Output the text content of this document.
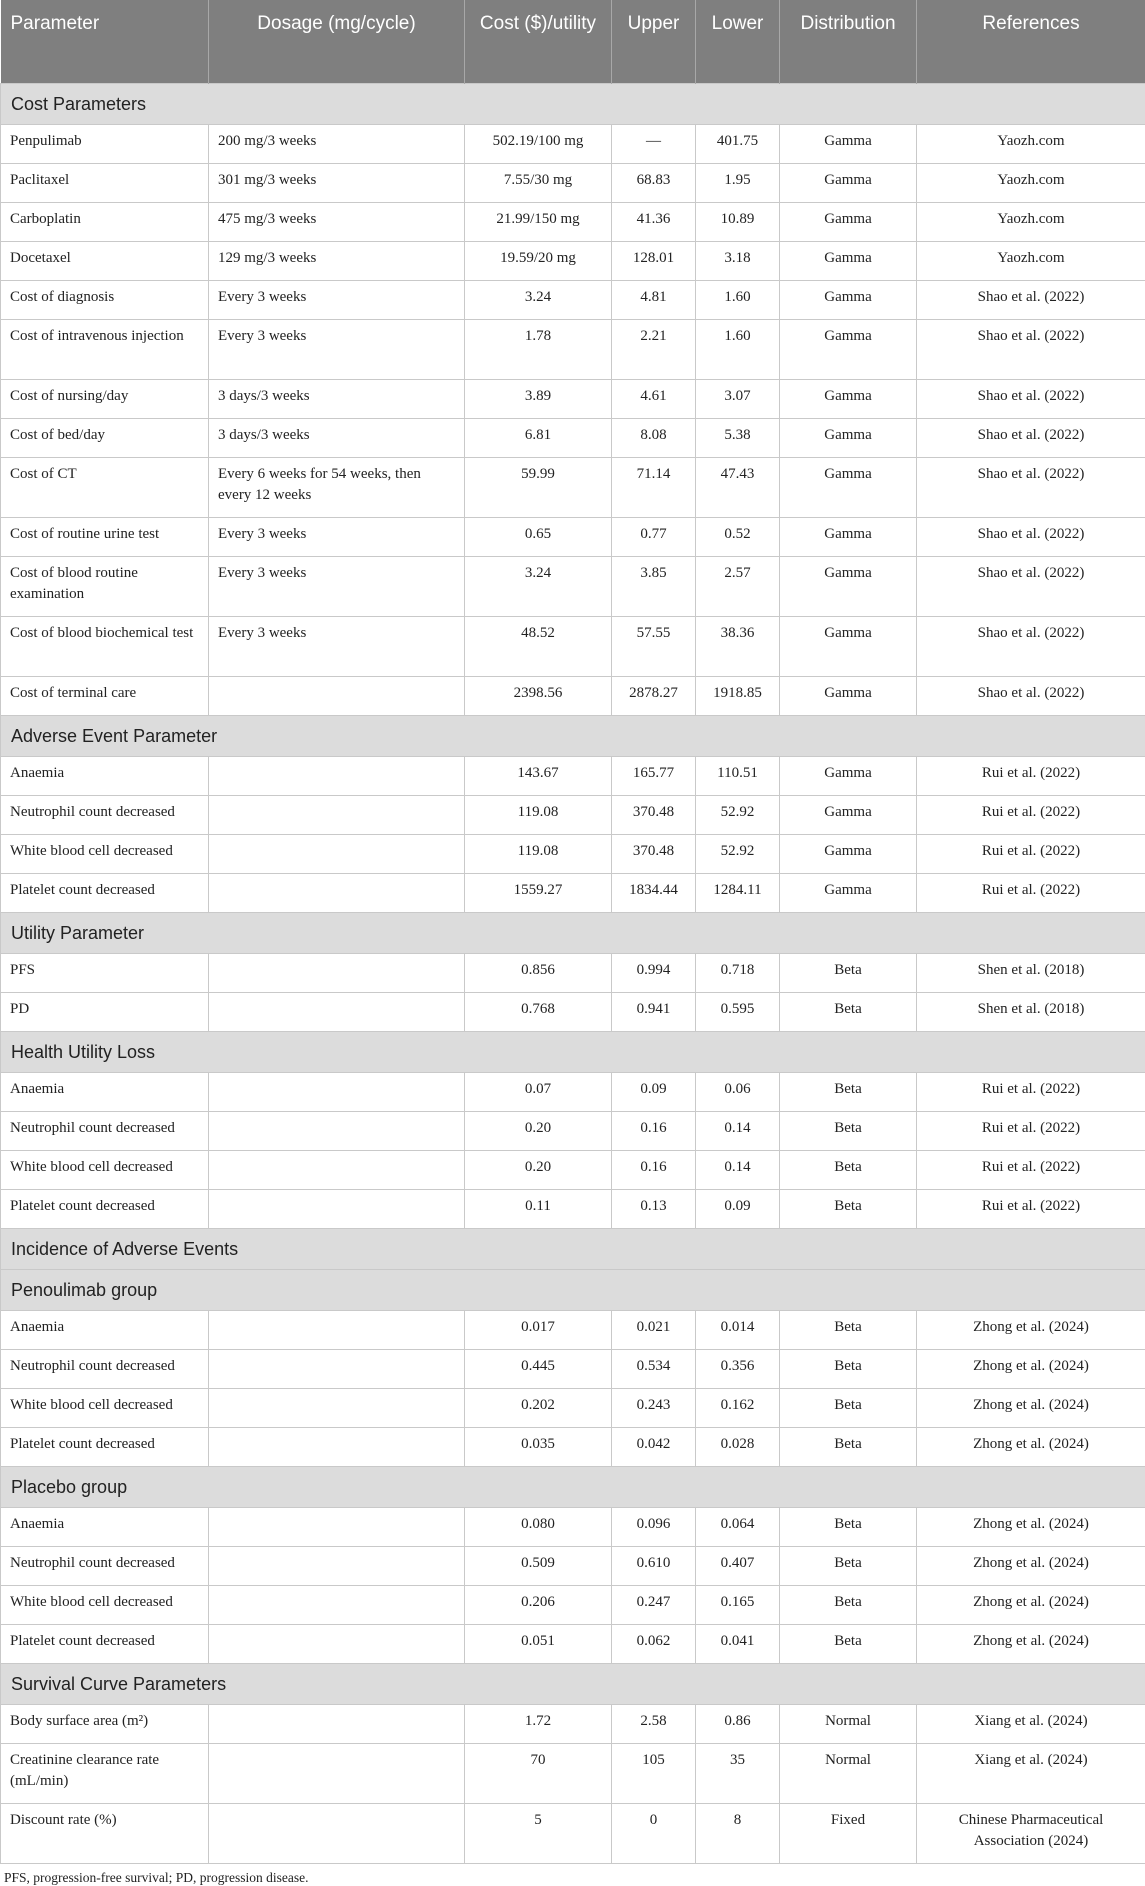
Parameter	Dosage (mg/cycle)	Cost ($)/utility	Upper	Lower	Distribution	References
Cost Parameters						
Penpulimab	200 mg/3 weeks	502.19/100 mg	—	401.75	Gamma	Yaozh.com
Paclitaxel	301 mg/3 weeks	7.55/30 mg	68.83	1.95	Gamma	Yaozh.com
Carboplatin	475 mg/3 weeks	21.99/150 mg	41.36	10.89	Gamma	Yaozh.com
Docetaxel	129 mg/3 weeks	19.59/20 mg	128.01	3.18	Gamma	Yaozh.com
Cost of diagnosis	Every 3 weeks	3.24	4.81	1.60	Gamma	Shao et al. (2022)
Cost of intravenous injection	Every 3 weeks	1.78	2.21	1.60	Gamma	Shao et al. (2022)
Cost of nursing/day	3 days/3 weeks	3.89	4.61	3.07	Gamma	Shao et al. (2022)
Cost of bed/day	3 days/3 weeks	6.81	8.08	5.38	Gamma	Shao et al. (2022)
Cost of CT	Every 6 weeks for 54 weeks, then every 12 weeks	59.99	71.14	47.43	Gamma	Shao et al. (2022)
Cost of routine urine test	Every 3 weeks	0.65	0.77	0.52	Gamma	Shao et al. (2022)
Cost of blood routine examination	Every 3 weeks	3.24	3.85	2.57	Gamma	Shao et al. (2022)
Cost of blood biochemical test	Every 3 weeks	48.52	57.55	38.36	Gamma	Shao et al. (2022)
Cost of terminal care		2398.56	2878.27	1918.85	Gamma	Shao et al. (2022)
Adverse Event Parameter						
Anaemia		143.67	165.77	110.51	Gamma	Rui et al. (2022)
Neutrophil count decreased		119.08	370.48	52.92	Gamma	Rui et al. (2022)
White blood cell decreased		119.08	370.48	52.92	Gamma	Rui et al. (2022)
Platelet count decreased		1559.27	1834.44	1284.11	Gamma	Rui et al. (2022)
Utility Parameter						
PFS		0.856	0.994	0.718	Beta	Shen et al. (2018)
PD		0.768	0.941	0.595	Beta	Shen et al. (2018)
Health Utility Loss						
Anaemia		0.07	0.09	0.06	Beta	Rui et al. (2022)
Neutrophil count decreased		0.20	0.16	0.14	Beta	Rui et al. (2022)
White blood cell decreased		0.20	0.16	0.14	Beta	Rui et al. (2022)
Platelet count decreased		0.11	0.13	0.09	Beta	Rui et al. (2022)
Incidence of Adverse Events						
Penoulimab group						
Anaemia		0.017	0.021	0.014	Beta	Zhong et al. (2024)
Neutrophil count decreased		0.445	0.534	0.356	Beta	Zhong et al. (2024)
White blood cell decreased		0.202	0.243	0.162	Beta	Zhong et al. (2024)
Platelet count decreased		0.035	0.042	0.028	Beta	Zhong et al. (2024)
Placebo group						
Anaemia		0.080	0.096	0.064	Beta	Zhong et al. (2024)
Neutrophil count decreased		0.509	0.610	0.407	Beta	Zhong et al. (2024)
White blood cell decreased		0.206	0.247	0.165	Beta	Zhong et al. (2024)
Platelet count decreased		0.051	0.062	0.041	Beta	Zhong et al. (2024)
Survival Curve Parameters						
Body surface area (m²)		1.72	2.58	0.86	Normal	Xiang et al. (2024)
Creatinine clearance rate (mL/min)		70	105	35	Normal	Xiang et al. (2024)
Discount rate (%)		5	0	8	Fixed	Chinese Pharmaceutical Association (2024)
PFS, progression-free survival; PD, progression disease.
